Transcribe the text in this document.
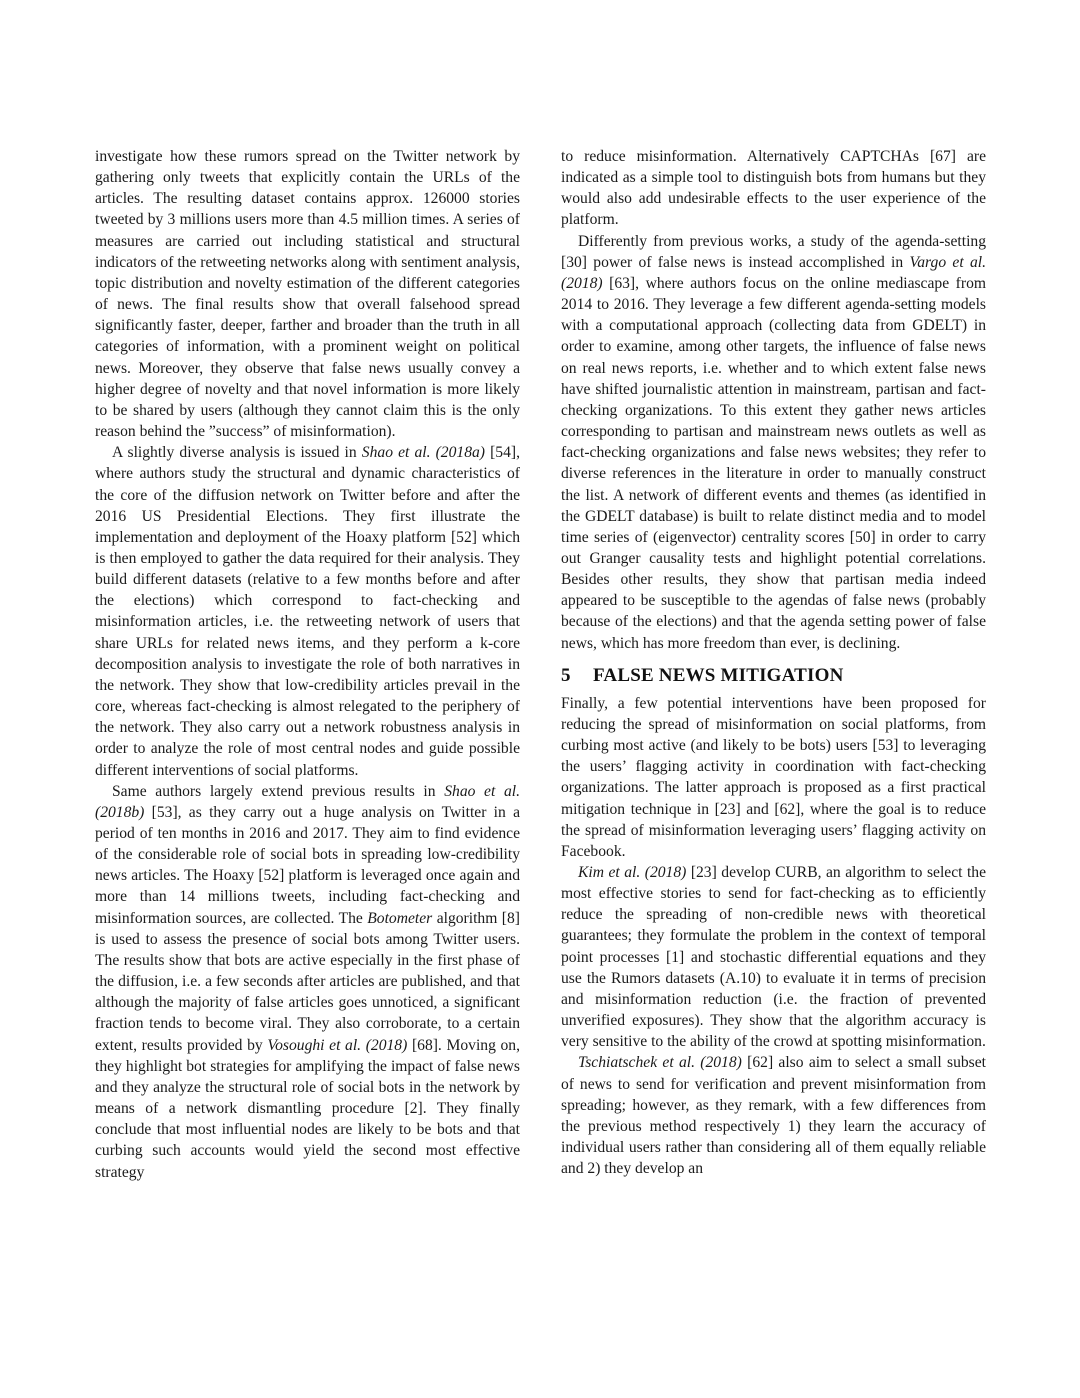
investigate how these rumors spread on the Twitter network by gathering only tweets that explicitly contain the URLs of the articles. The resulting dataset contains approx. 126000 stories tweeted by 3 millions users more than 4.5 million times. A series of measures are carried out including statistical and structural indicators of the retweeting networks along with sentiment analysis, topic distribution and novelty estimation of the different categories of news. The final results show that overall falsehood spread significantly faster, deeper, farther and broader than the truth in all categories of information, with a prominent weight on political news. Moreover, they observe that false news usually convey a higher degree of novelty and that novel information is more likely to be shared by users (although they cannot claim this is the only reason behind the ”success” of misinformation).

A slightly diverse analysis is issued in Shao et al. (2018a) [54], where authors study the structural and dynamic characteristics of the core of the diffusion network on Twitter before and after the 2016 US Presidential Elections. They first illustrate the implementation and deployment of the Hoaxy platform [52] which is then employed to gather the data required for their analysis. They build different datasets (relative to a few months before and after the elections) which correspond to fact-checking and misinformation articles, i.e. the retweeting network of users that share URLs for related news items, and they perform a k-core decomposition analysis to investigate the role of both narratives in the network. They show that low-credibility articles prevail in the core, whereas fact-checking is almost relegated to the periphery of the network. They also carry out a network robustness analysis in order to analyze the role of most central nodes and guide possible different interventions of social platforms.

Same authors largely extend previous results in Shao et al. (2018b) [53], as they carry out a huge analysis on Twitter in a period of ten months in 2016 and 2017. They aim to find evidence of the considerable role of social bots in spreading low-credibility news articles. The Hoaxy [52] platform is leveraged once again and more than 14 millions tweets, including fact-checking and misinformation sources, are collected. The Botometer algorithm [8] is used to assess the presence of social bots among Twitter users. The results show that bots are active especially in the first phase of the diffusion, i.e. a few seconds after articles are published, and that although the majority of false articles goes unnoticed, a significant fraction tends to become viral. They also corroborate, to a certain extent, results provided by Vosoughi et al. (2018) [68]. Moving on, they highlight bot strategies for amplifying the impact of false news and they analyze the structural role of social bots in the network by means of a network dismantling procedure [2]. They finally conclude that most influential nodes are likely to be bots and that curbing such accounts would yield the second most effective strategy

to reduce misinformation. Alternatively CAPTCHAs [67] are indicated as a simple tool to distinguish bots from humans but they would also add undesirable effects to the user experience of the platform.

Differently from previous works, a study of the agenda-setting [30] power of false news is instead accomplished in Vargo et al. (2018) [63], where authors focus on the online mediascape from 2014 to 2016. They leverage a few different agenda-setting models with a computational approach (collecting data from GDELT) in order to examine, among other targets, the influence of false news on real news reports, i.e. whether and to which extent false news have shifted journalistic attention in mainstream, partisan and fact-checking organizations. To this extent they gather news articles corresponding to partisan and mainstream news outlets as well as fact-checking organizations and false news websites; they refer to diverse references in the literature in order to manually construct the list. A network of different events and themes (as identified in the GDELT database) is built to relate distinct media and to model time series of (eigenvector) centrality scores [50] in order to carry out Granger causality tests and highlight potential correlations. Besides other results, they show that partisan media indeed appeared to be susceptible to the agendas of false news (probably because of the elections) and that the agenda setting power of false news, which has more freedom than ever, is declining.

5 FALSE NEWS MITIGATION

Finally, a few potential interventions have been proposed for reducing the spread of misinformation on social platforms, from curbing most active (and likely to be bots) users [53] to leveraging the users’ flagging activity in coordination with fact-checking organizations. The latter approach is proposed as a first practical mitigation technique in [23] and [62], where the goal is to reduce the spread of misinformation leveraging users’ flagging activity on Facebook.

Kim et al. (2018) [23] develop CURB, an algorithm to select the most effective stories to send for fact-checking as to efficiently reduce the spreading of non-credible news with theoretical guarantees; they formulate the problem in the context of temporal point processes [1] and stochastic differential equations and they use the Rumors datasets (A.10) to evaluate it in terms of precision and misinformation reduction (i.e. the fraction of prevented unverified exposures). They show that the algorithm accuracy is very sensitive to the ability of the crowd at spotting misinformation.

Tschiatschek et al. (2018) [62] also aim to select a small subset of news to send for verification and prevent misinformation from spreading; however, as they remark, with a few differences from the previous method respectively 1) they learn the accuracy of individual users rather than considering all of them equally reliable and 2) they develop an
